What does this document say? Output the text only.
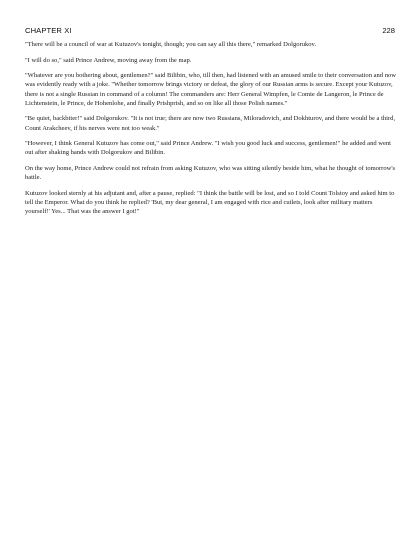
CHAPTER XI	228

"There will be a council of war at Kutuzov's tonight, though; you can say all this there," remarked Dolgorukov.

"I will do so," said Prince Andrew, moving away from the map.

"Whatever are you bothering about, gentlemen?" said Bilibin, who, till then, had listened with an amused smile to their conversation and now was evidently ready with a joke. "Whether tomorrow brings victory or defeat, the glory of our Russian arms is secure. Except your Kutuzov, there is not a single Russian in command of a column! The commanders are: Herr General Wimpfen, le Comte de Langeron, le Prince de Lichtenstein, le Prince, de Hohenlohe, and finally Prishprish, and so on like all those Polish names."

"Be quiet, backbiter!" said Dolgorukov. "It is not true; there are now two Russians, Miloradovich, and Dokhturov, and there would be a third, Count Arakcheev, if his nerves were not too weak."

"However, I think General Kutuzov has come out," said Prince Andrew. "I wish you good luck and success, gentlemen!" he added and went out after shaking hands with Dolgorukov and Bilibin.

On the way home, Prince Andrew could not refrain from asking Kutuzov, who was sitting silently beside him, what he thought of tomorrow's battle.

Kutuzov looked sternly at his adjutant and, after a pause, replied: "I think the battle will be lost, and so I told Count Tolstoy and asked him to tell the Emperor. What do you think he replied? 'But, my dear general, I am engaged with rice and cutlets, look after military matters yourself!' Yes... That was the answer I got!"
